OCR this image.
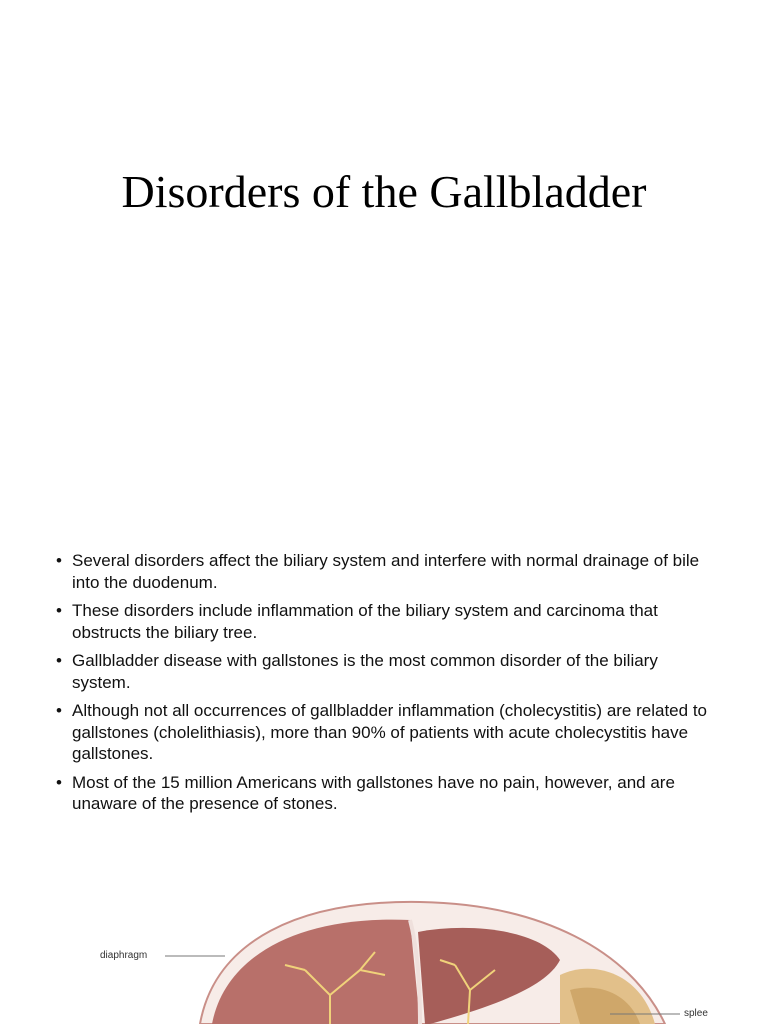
Disorders of the Gallbladder
• Several disorders affect the biliary system and interfere with normal drainage of bile into the duodenum.
• These disorders include inflammation of the biliary system and carcinoma that obstructs the biliary tree.
• Gallbladder disease with gallstones is the most common disorder of the biliary system.
• Although not all occurrences of gallbladder inflammation (cholecystitis) are related to gallstones (cholelithiasis), more than 90% of patients with acute cholecystitis have gallstones.
• Most of the 15 million Americans with gallstones have no pain, however, and are unaware of the presence of stones.
diaphragm
splee
